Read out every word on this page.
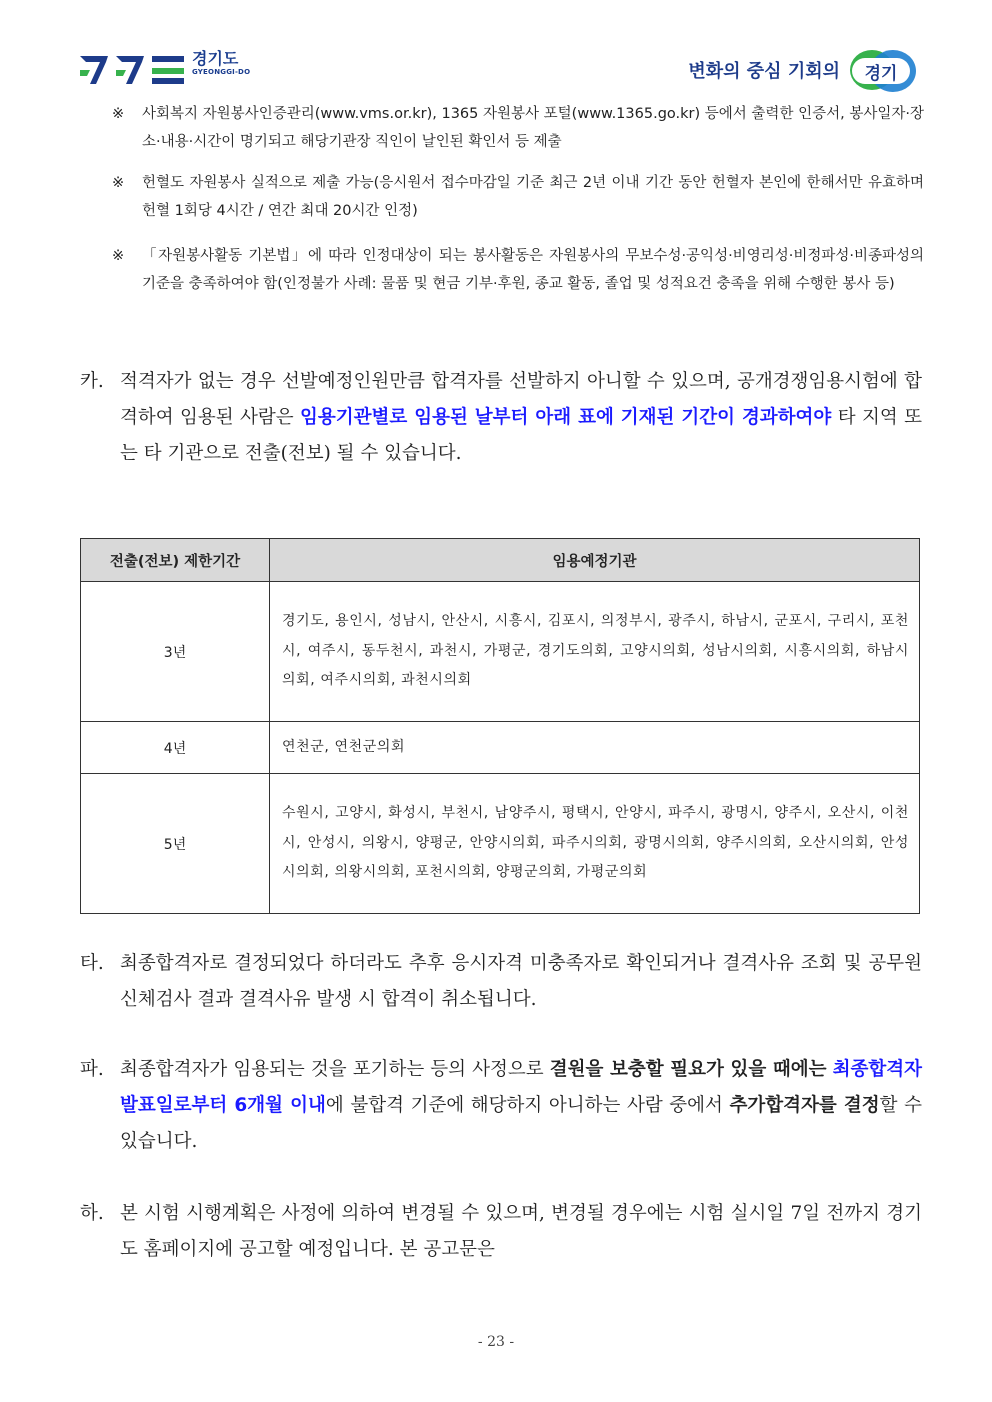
경기도
GYEONGGI-DO	변화의 중심 기회의	경기
※ 사회복지 자원봉사인증관리(www.vms.or.kr), 1365 자원봉사 포털(www.1365.go.kr) 등에서 출력한 인증서, 봉사일자·장소·내용·시간이 명기되고 해당기관장 직인이 날인된 확인서 등 제출
※ 헌혈도 자원봉사 실적으로 제출 가능(응시원서 접수마감일 기준 최근 2년 이내 기간 동안 헌혈자 본인에 한해서만 유효하며 헌혈 1회당 4시간 / 연간 최대 20시간 인정)
※ 「자원봉사활동 기본법」에 따라 인정대상이 되는 봉사활동은 자원봉사의 무보수성·공익성·비영리성·비정파성·비종파성의 기준을 충족하여야 함(인정불가 사례: 물품 및 현금 기부·후원, 종교 활동, 졸업 및 성적요건 충족을 위해 수행한 봉사 등)
카. 적격자가 없는 경우 선발예정인원만큼 합격자를 선발하지 아니할 수 있으며, 공개경쟁임용시험에 합격하여 임용된 사람은 임용기관별로 임용된 날부터 아래 표에 기재된 기간이 경과하여야 타 지역 또는 타 기관으로 전출(전보) 될 수 있습니다.
전출(전보) 제한기간	임용예정기관
3년	경기도, 용인시, 성남시, 안산시, 시흥시, 김포시, 의정부시, 광주시, 하남시, 군포시, 구리시, 포천시, 여주시, 동두천시, 과천시, 가평군, 경기도의회, 고양시의회, 성남시의회, 시흥시의회, 하남시의회, 여주시의회, 과천시의회
4년	연천군, 연천군의회
5년	수원시, 고양시, 화성시, 부천시, 남양주시, 평택시, 안양시, 파주시, 광명시, 양주시, 오산시, 이천시, 안성시, 의왕시, 양평군, 안양시의회, 파주시의회, 광명시의회, 양주시의회, 오산시의회, 안성시의회, 의왕시의회, 포천시의회, 양평군의회, 가평군의회
타. 최종합격자로 결정되었다 하더라도 추후 응시자격 미충족자로 확인되거나 결격사유 조회 및 공무원신체검사 결과 결격사유 발생 시 합격이 취소됩니다.
파. 최종합격자가 임용되는 것을 포기하는 등의 사정으로 결원을 보충할 필요가 있을 때에는 최종합격자 발표일로부터 6개월 이내에 불합격 기준에 해당하지 아니하는 사람 중에서 추가합격자를 결정할 수 있습니다.
하. 본 시험 시행계획은 사정에 의하여 변경될 수 있으며, 변경될 경우에는 시험 실시일 7일 전까지 경기도 홈페이지에 공고할 예정입니다. 본 공고문은
- 23 -
